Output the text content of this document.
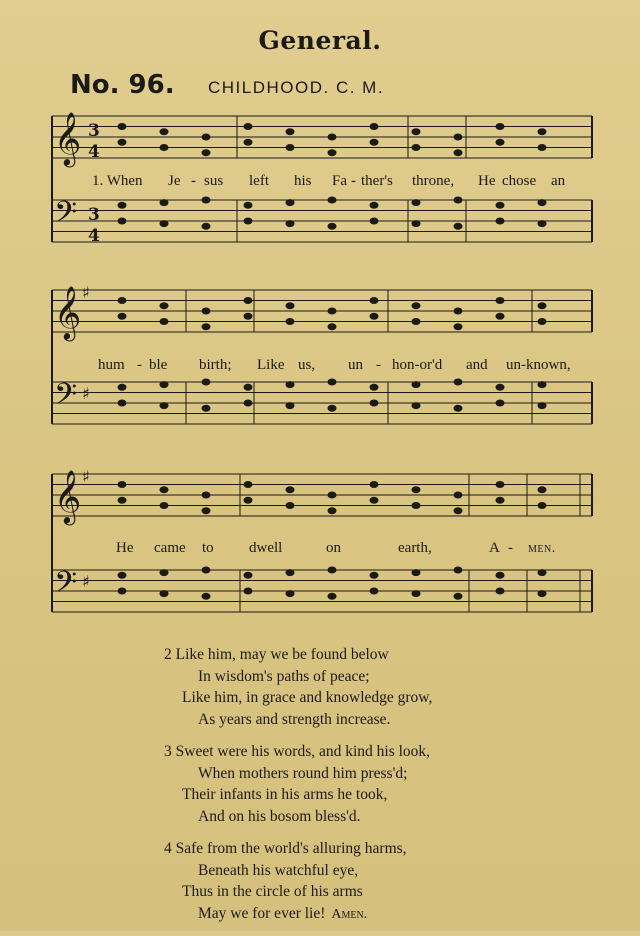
General.
No. 96. CHILDHOOD. C. M.
𝄞 3
4
𝄢 3
4
𝄞 ♯
𝄢 ♯
𝄞 ♯
𝄢 ♯
1. When Je - sus left his Fa - ther's throne, He chose an
hum - ble birth; Like us, un - hon-or'd and un-known,
He came to dwell	on	earth,	A - men.
2 Like him, may we be found below
In wisdom's paths of peace;
Like him, in grace and knowledge grow,
As years and strength increase.
3 Sweet were his words, and kind his look,
When mothers round him press'd;
Their infants in his arms he took,
And on his bosom bless'd.
4 Safe from the world's alluring harms,
Beneath his watchful eye,
Thus in the circle of his arms
May we for ever lie! Amen.
